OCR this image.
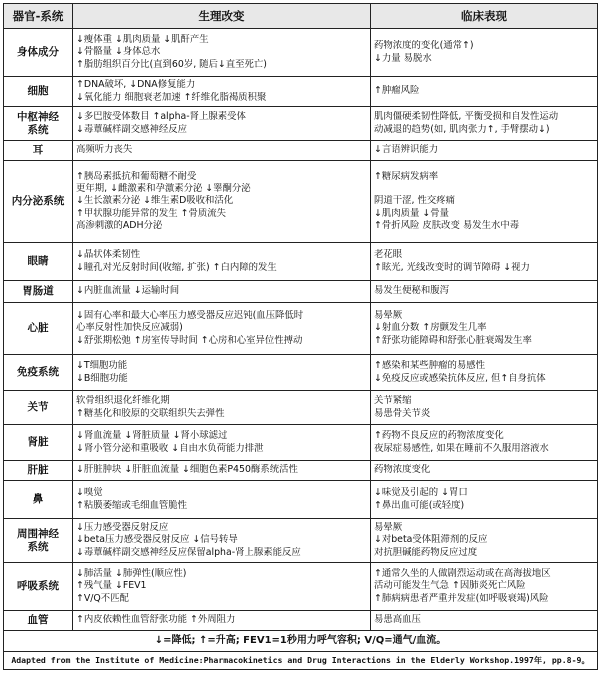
器官-系统	生理改变	临床表现

身体成分	↓瘦体重 ↓肌肉质量 ↓肌酐产生
↓骨骼量 ↓身体总水
↑脂肪组织百分比(直到60岁, 随后↓直至死亡)	药物浓度的变化(通常↑)
↓力量 易脱水

细胞	↑DNA破坏, ↓DNA修复能力
↓氧化能力 细胞衰老加速 ↑纤维化脂褐质积聚	↑肿瘤风险

中枢神经
系统	↓多巴胺受体数目 ↑alpha-肾上腺素受体
↓毒蕈碱样副交感神经反应	肌肉僵硬柔韧性降低, 平衡受损和自发性运动
动减退的趋势(如, 肌肉张力↑, 手臂摆动↓)

耳	高频听力丧失	↓言语辨识能力

内分泌系统	↑胰岛素抵抗和葡萄糖不耐受
更年期, ↓雌激素和孕激素分泌 ↓睾酮分泌
↓生长激素分泌 ↓维生素D吸收和活化
↑甲状腺功能异常的发生 ↑骨质流失
高渗刺激的ADH分泌	↑糖尿病发病率

阴道干涩, 性交疼痛
↓肌肉质量 ↓骨量
↑骨折风险 皮肤改变 易发生水中毒

眼睛	↓晶状体柔韧性
↓瞳孔对光反射时间(收缩, 扩张) ↑白内障的发生	老花眼
↑眩光, 光线改变时的调节障碍 ↓视力

胃肠道	↓内脏血流量 ↓运输时间	易发生便秘和腹泻

心脏	↓固有心率和最大心率压力感受器反应迟钝(血压降低时
心率反射性加快反应减弱)
↓舒张期松弛 ↑房室传导时间 ↑心房和心室异位性搏动	易晕厥
↓射血分数 ↑房颤发生几率
↑舒张功能障碍和舒张心脏衰竭发生率

免疫系统	↓T细胞功能
↓B细胞功能	↑感染和某些肿瘤的易感性
↓免疫反应或感染抗体反应, 但↑自身抗体

关节	软骨组织退化纤维化期
↑糖基化和胶原的交联组织失去弹性	关节紧缩
易患骨关节炎

肾脏	↓肾血流量 ↓肾脏质量 ↓肾小球滤过
↓肾小管分泌和重吸收 ↓自由水负荷能力排泄	↑药物不良反应的药物浓度变化
夜尿症易感性, 如果在睡前不久服用溶液水

肝脏	↓肝脏肿块 ↓肝脏血流量 ↓细胞色素P450酶系统活性	药物浓度变化

鼻	↓嗅觉
↑粘膜萎缩或毛细血管脆性	↓味觉及引起的 ↓胃口
↑鼻出血可能(或轻度)

周围神经
系统	↓压力感受器反射反应
↓beta压力感受器反射反应 ↓信号转导
↓毒蕈碱样副交感神经反应保留alpha-肾上腺素能反应	易晕厥
↓对beta受体阻滞剂的反应
对抗胆碱能药物反应过度

呼吸系统	↓肺活量 ↓肺弹性(顺应性)
↑残气量 ↓FEV1
↑V/Q不匹配	↑通常久坐的人做剧烈运动或在高海拔地区
活动可能发生气急 ↑因肺炎死亡风险
↑肺病病患者严重并发症(如呼吸衰竭)风险

血管	↑内皮依赖性血管舒张功能 ↑外周阻力	易患高血压

↓=降低; ↑=升高; FEV1=1秒用力呼气容积; V/Q=通气/血流。		
Adapted from the Institute of Medicine:Pharmacokinetics and Drug Interactions in the Elderly Workshop.1997年, pp.8-9。		
